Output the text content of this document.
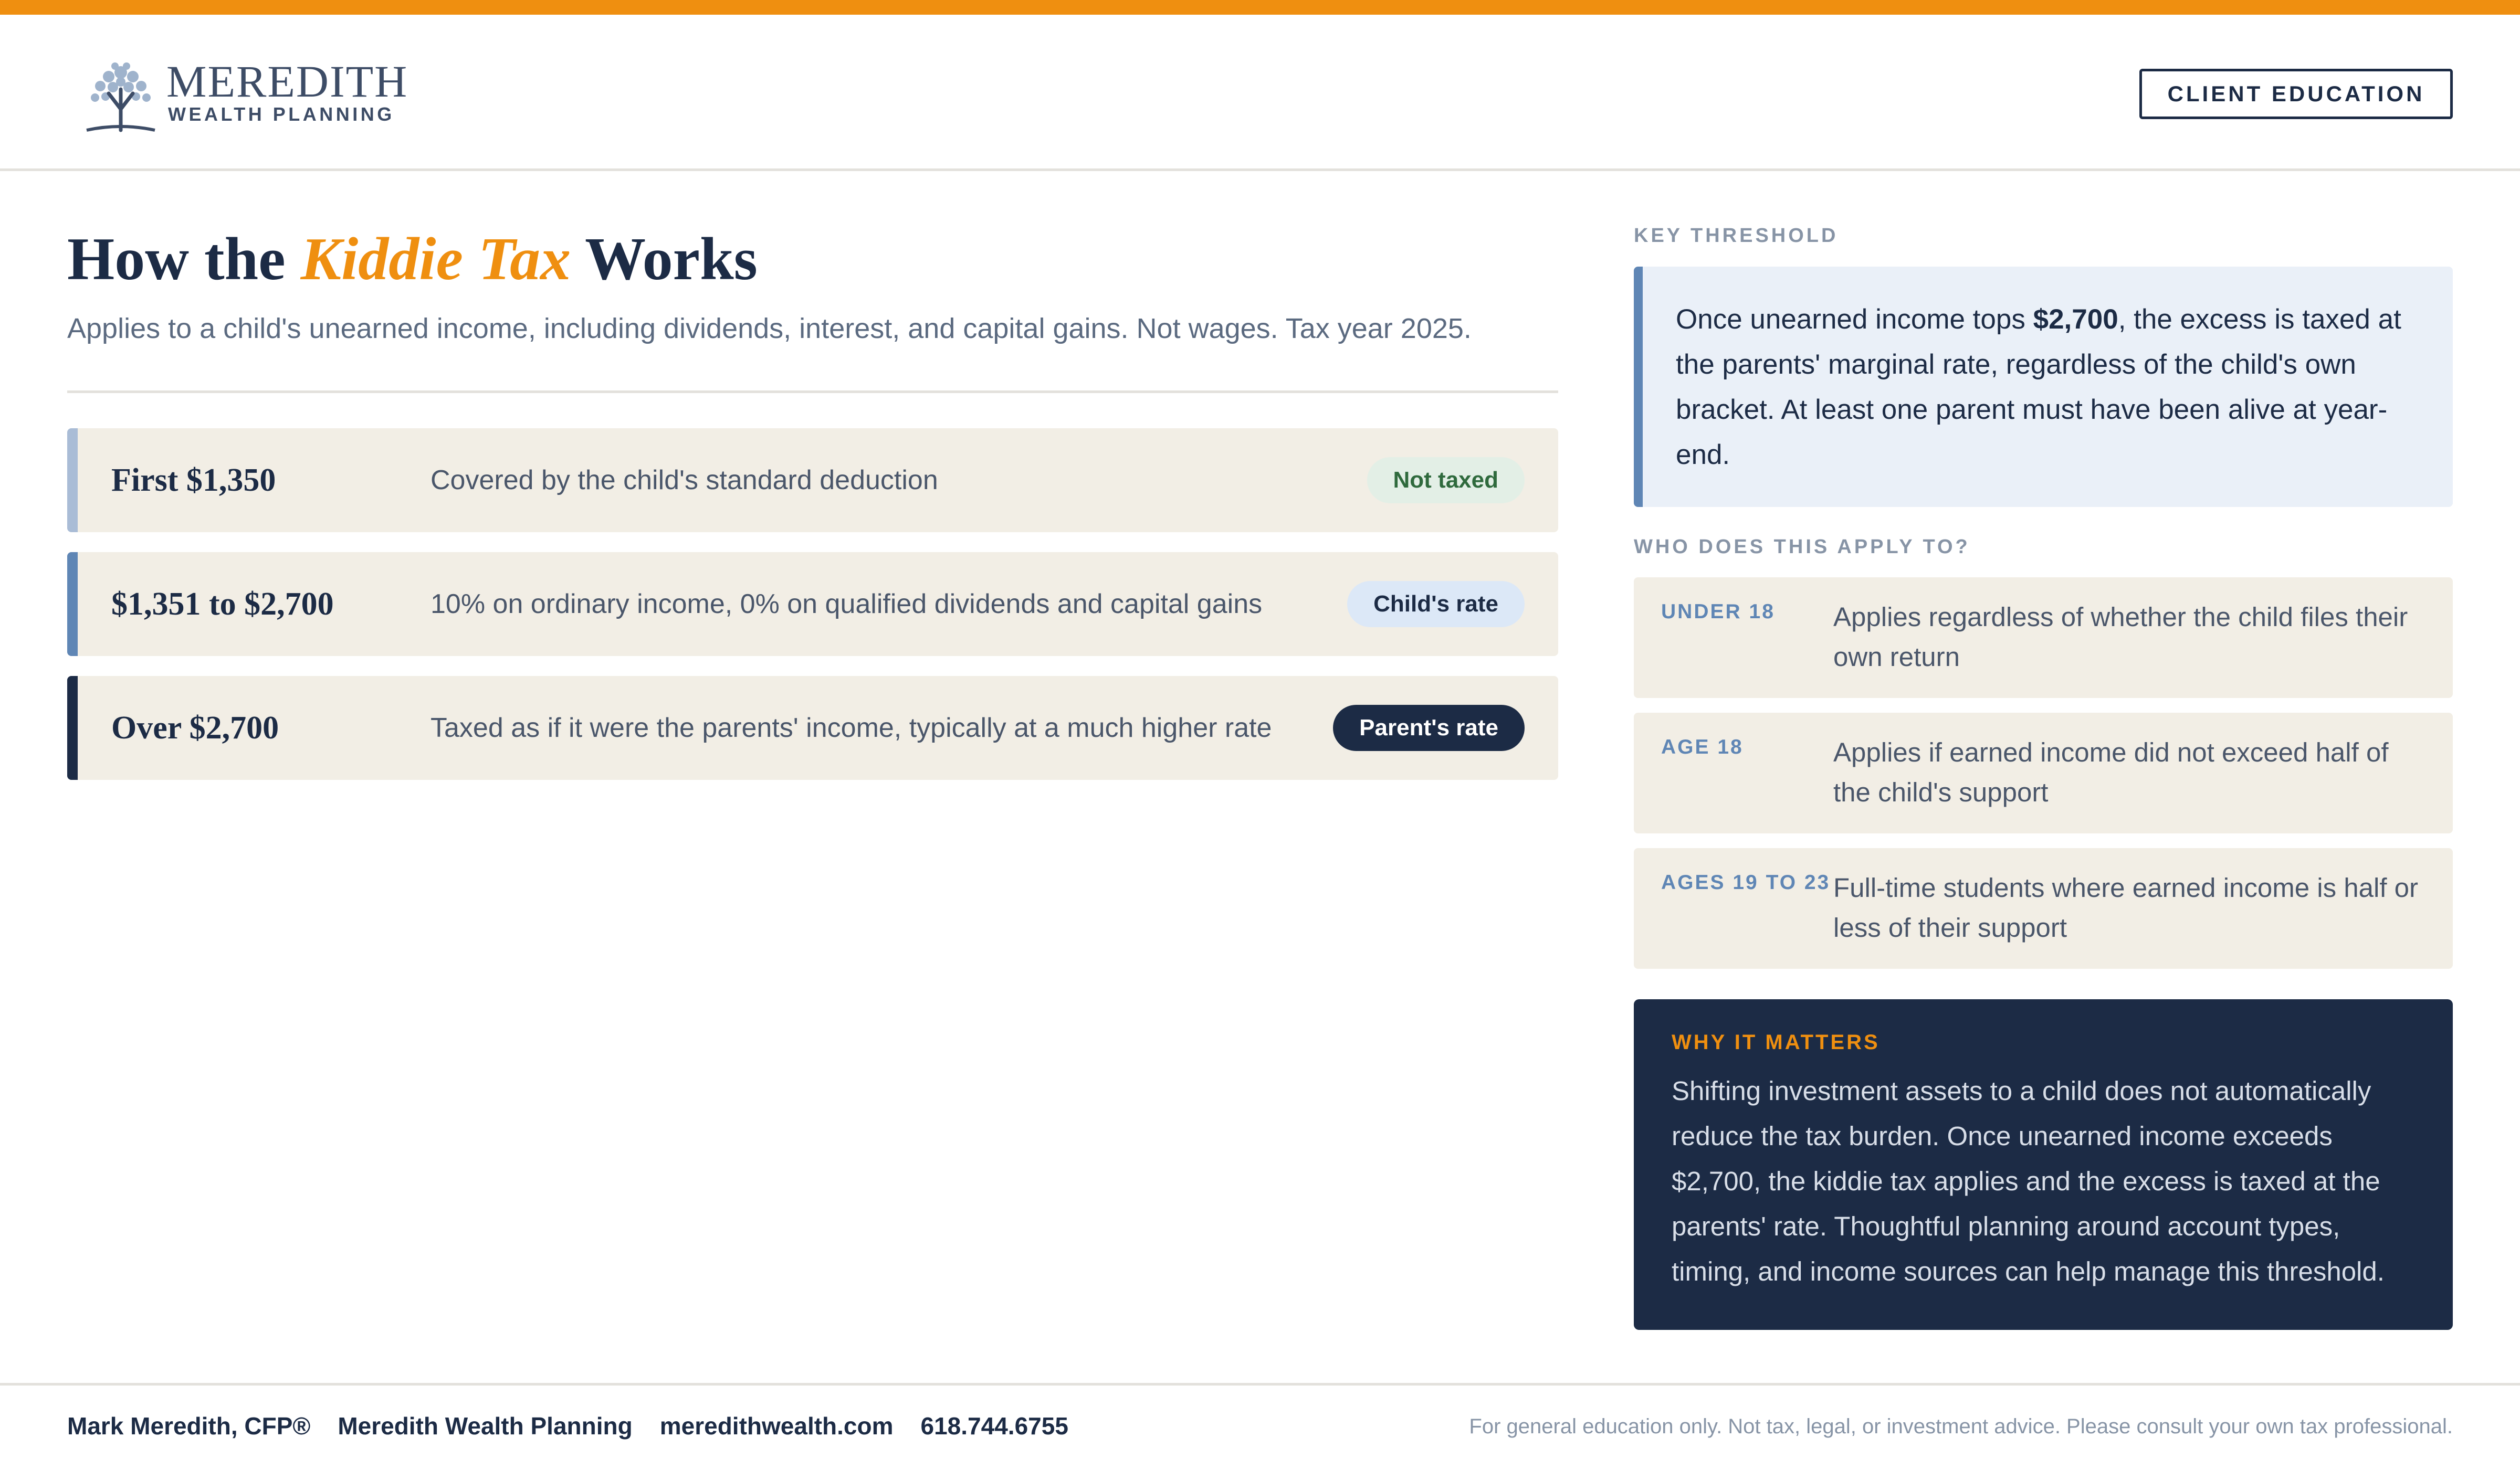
MEREDITH
WEALTH PLANNING
CLIENT EDUCATION
How the Kiddie Tax Works
Applies to a child's unearned income, including dividends, interest, and capital gains. Not wages. Tax year 2025.
First $1,350	Covered by the child's standard deduction	Not taxed
$1,351 to $2,700	10% on ordinary income, 0% on qualified dividends and capital gains	Child's rate
Over $2,700	Taxed as if it were the parents' income, typically at a much higher rate	Parent's rate
KEY THRESHOLD

Once unearned income tops $2,700, the excess is taxed at the parents' marginal rate, regardless of the child's own bracket. At least one parent must have been alive at year-end.

WHO DOES THIS APPLY TO?
UNDER 18 Applies regardless of whether the child files their own return
AGE 18	Applies if earned income did not exceed half of the child's support
AGES 19 TO 23 Full-time students where earned income is half or less of their support
WHY IT MATTERS
Shifting investment assets to a child does not automatically reduce the tax burden. Once unearned income exceeds $2,700, the kiddie tax applies and the excess is taxed at the parents' rate. Thoughtful planning around account types, timing, and income sources can help manage this threshold.
Mark Meredith, CFP® Meredith Wealth Planning meredithwealth.com 618.744.6755	For general education only. Not tax, legal, or investment advice. Please consult your own tax professional.
